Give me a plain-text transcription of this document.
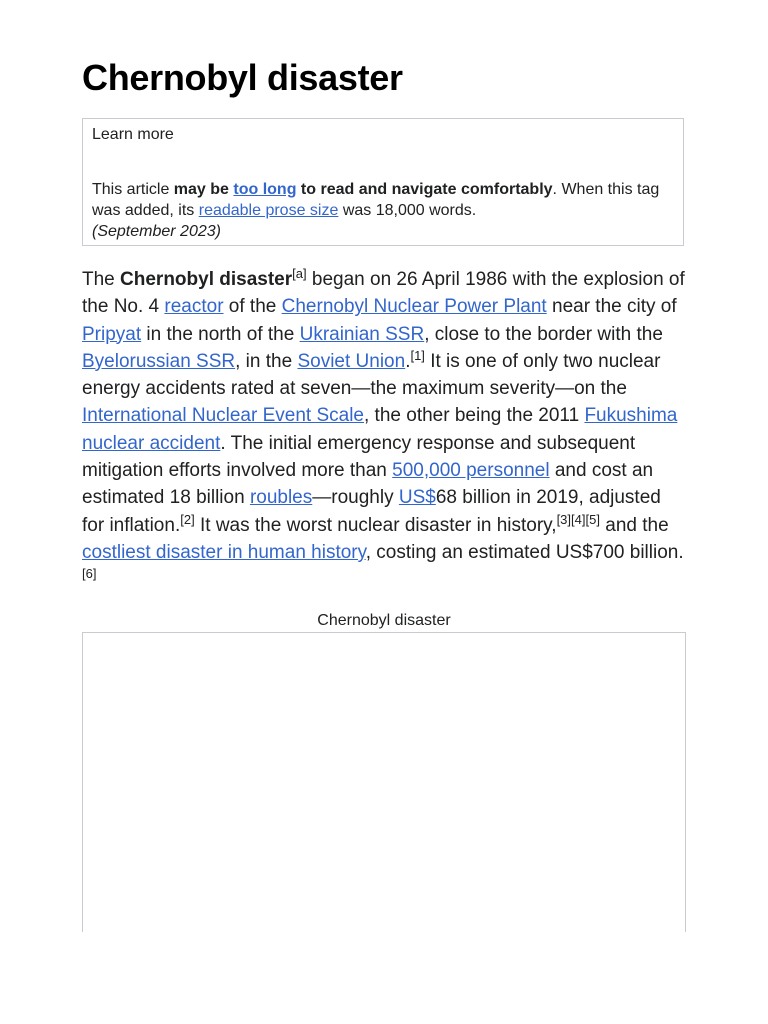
Chernobyl disaster
Learn more
This article may be too long to read and navigate comfortably. When this tag was added, its readable prose size was 18,000 words.
(September 2023)

The Chernobyl disaster[a] began on 26 April 1986 with the explosion of the No. 4 reactor of the Chernobyl Nuclear Power Plant near the city of Pripyat in the north of the Ukrainian SSR, close to the border with the Byelorussian SSR, in the Soviet Union.[1] It is one of only two nuclear energy accidents rated at seven—the maximum severity—on the International Nuclear Event Scale, the other being the 2011 Fukushima nuclear accident. The initial emergency response and subsequent mitigation efforts involved more than 500,000 personnel and cost an estimated 18 billion roubles—roughly US$68 billion in 2019, adjusted for inflation.[2] It was the worst nuclear disaster in history,[3][4][5] and the costliest disaster in human history, costing an estimated US$700 billion.[6]

Chernobyl disaster
